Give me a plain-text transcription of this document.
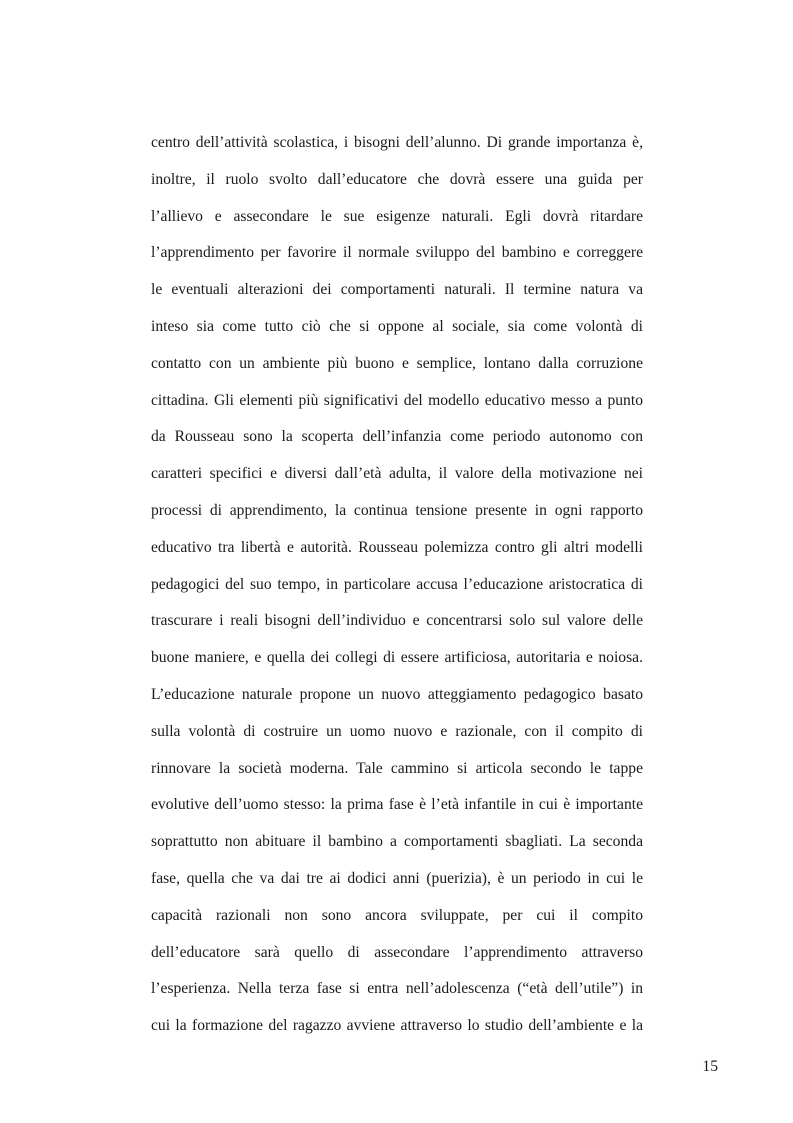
centro dell’attività scolastica, i bisogni dell’alunno. Di grande importanza è,
inoltre, il ruolo svolto dall’educatore che dovrà essere una guida per
l’allievo e assecondare le sue esigenze naturali. Egli dovrà ritardare
l’apprendimento per favorire il normale sviluppo del bambino e correggere
le eventuali alterazioni dei comportamenti naturali. Il termine natura va
inteso sia come tutto ciò che si oppone al sociale, sia come volontà di
contatto con un ambiente più buono e semplice, lontano dalla corruzione
cittadina. Gli elementi più significativi del modello educativo messo a punto
da Rousseau sono la scoperta dell’infanzia come periodo autonomo con
caratteri specifici e diversi dall’età adulta, il valore della motivazione nei
processi di apprendimento, la continua tensione presente in ogni rapporto
educativo tra libertà e autorità. Rousseau polemizza contro gli altri modelli
pedagogici del suo tempo, in particolare accusa l’educazione aristocratica di
trascurare i reali bisogni dell’individuo e concentrarsi solo sul valore delle
buone maniere, e quella dei collegi di essere artificiosa, autoritaria e noiosa.
L’educazione naturale propone un nuovo atteggiamento pedagogico basato
sulla volontà di costruire un uomo nuovo e razionale, con il compito di
rinnovare la società moderna. Tale cammino si articola secondo le tappe
evolutive dell’uomo stesso: la prima fase è l’età infantile in cui è importante
soprattutto non abituare il bambino a comportamenti sbagliati. La seconda
fase, quella che va dai tre ai dodici anni (puerizia), è un periodo in cui le
capacità razionali non sono ancora sviluppate, per cui il compito
dell’educatore sarà quello di assecondare l’apprendimento attraverso
l’esperienza. Nella terza fase si entra nell’adolescenza (“età dell’utile”) in
cui la formazione del ragazzo avviene attraverso lo studio dell’ambiente e la
15
